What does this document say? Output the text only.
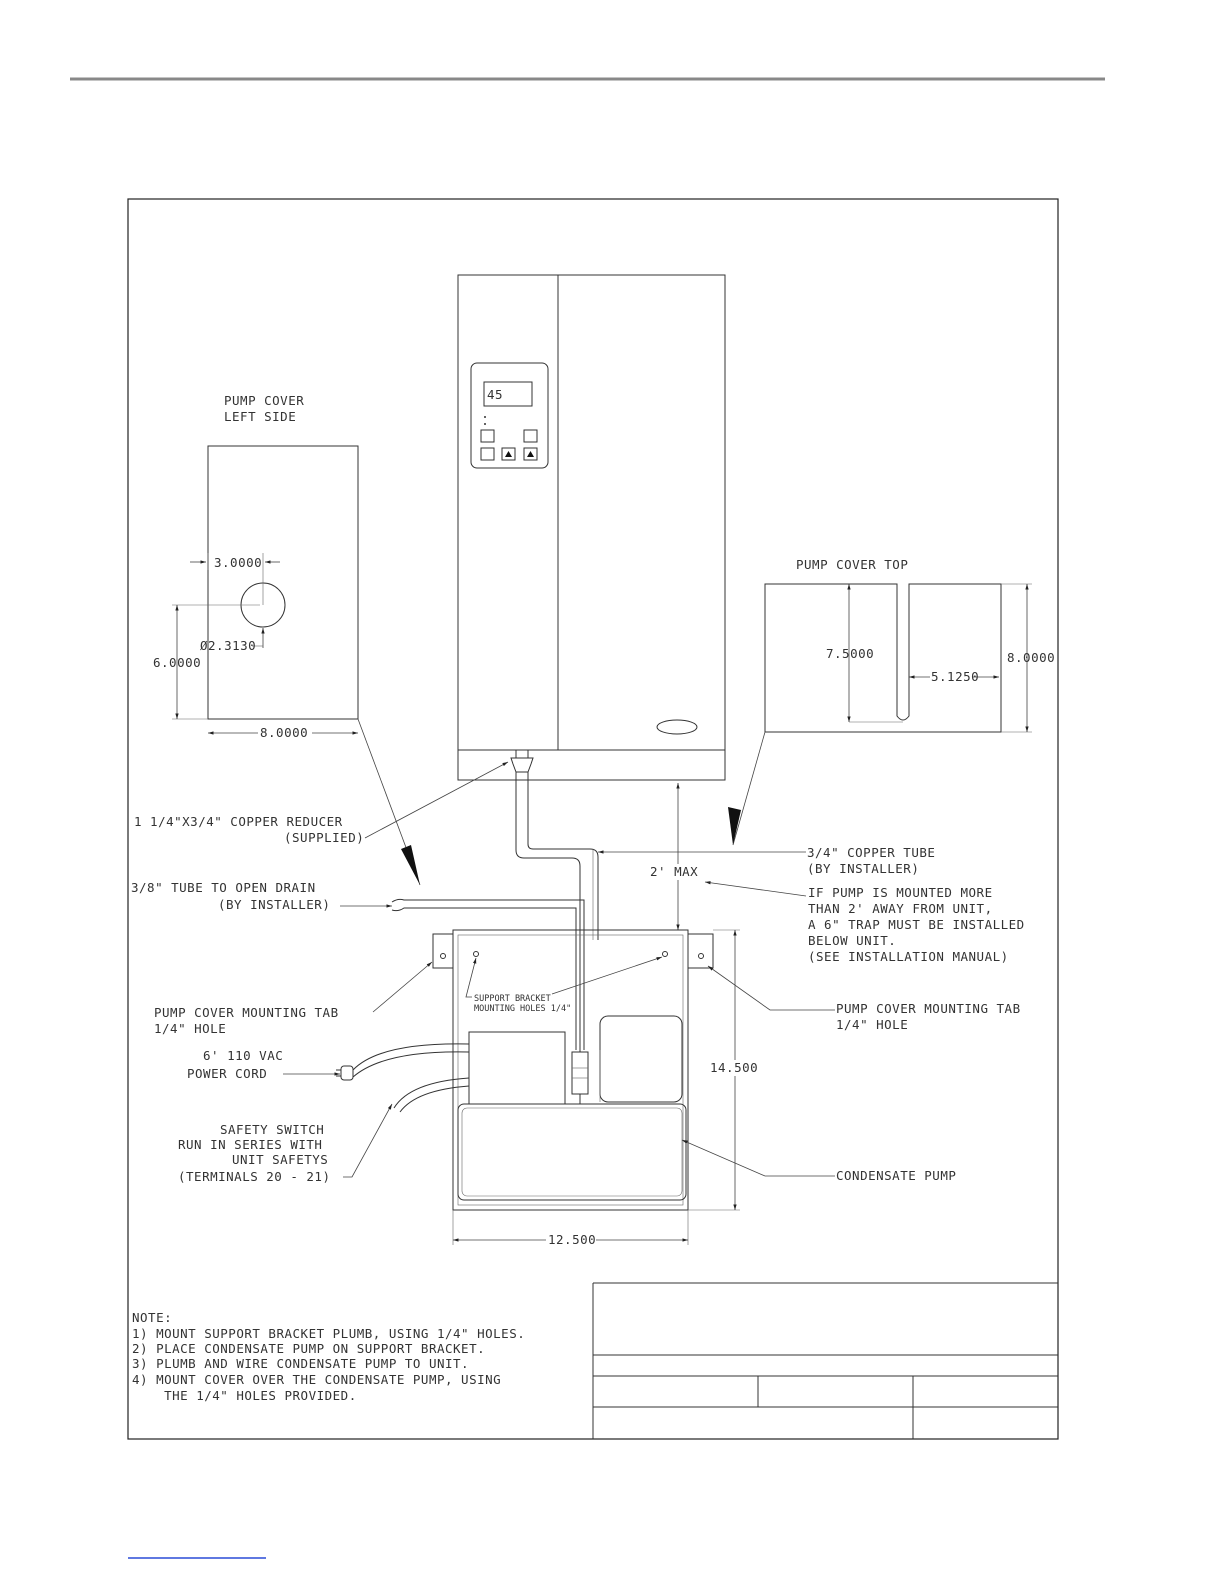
45
PUMP COVER
LEFT SIDE
3.0000
6.0000
Ø2.3130
8.0000
PUMP COVER TOP
7.5000
5.1250
8.0000
1 1/4"X3/4" COPPER REDUCER
(SUPPLIED)
3/4" COPPER TUBE
(BY INSTALLER)
2' MAX
IF PUMP IS MOUNTED MORE
THAN 2' AWAY FROM UNIT,
A 6" TRAP MUST BE INSTALLED
BELOW UNIT.
(SEE INSTALLATION MANUAL)
3/8" TUBE TO OPEN DRAIN
(BY INSTALLER)
14.500
12.500
PUMP COVER MOUNTING TAB
1/4" HOLE
PUMP COVER MOUNTING TAB
1/4" HOLE
SUPPORT BRACKET
MOUNTING HOLES 1/4"
6' 110 VAC
POWER CORD
SAFETY SWITCH
RUN IN SERIES WITH
UNIT SAFETYS
(TERMINALS 20 - 21)	CONDENSATE PUMP
NOTE:
1) MOUNT SUPPORT BRACKET PLUMB, USING 1/4" HOLES.
2) PLACE CONDENSATE PUMP ON SUPPORT BRACKET.
3) PLUMB AND WIRE CONDENSATE PUMP TO UNIT.
4) MOUNT COVER OVER THE CONDENSATE PUMP, USING
THE 1/4" HOLES PROVIDED.
